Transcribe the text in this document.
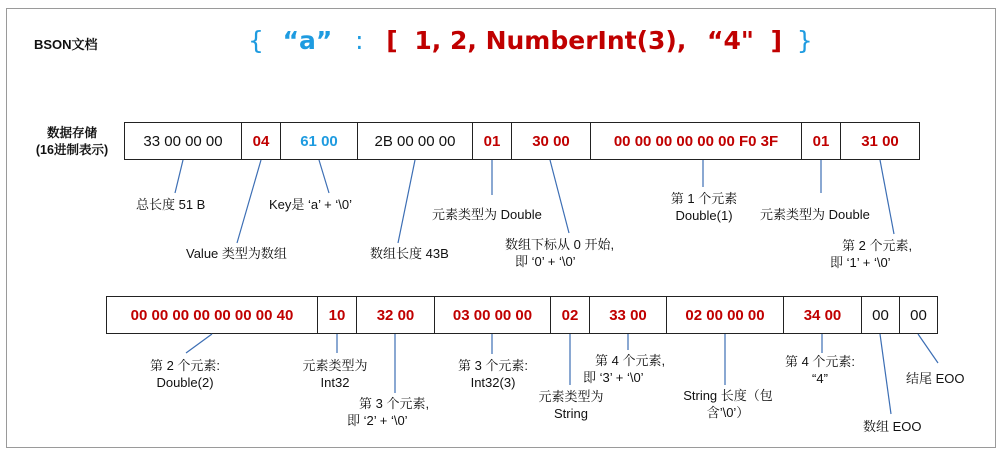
BSON文档	{ “a” : [ 1, 2, NumberInt(3), “4" ] }
数据存储
(16进制表示)
33 00 00 00	04	61 00	2B 00 00 00	01	30 00	00 00 00 00 00 00 F0 3F	01	31 00
00 00 00 00 00 00 00 40	10	32 00	03 00 00 00	02	33 00	02 00 00 00	34 00	00	00
总长度 51 B
Value 类型为数组
Key是 ‘a’ + ‘\0’
数组长度 43B
元素类型为 Double
数组下标从 0 开始,
即 ‘0’ + ‘\0’
第 1 个元素
Double(1)	元素类型为 Double
第 2 个元素,
即 ‘1’ + ‘\0’
第 2 个元素:
Double(2)
元素类型为
Int32
第 3 个元素,
即 ‘2’ + ‘\0’
第 3 个元素:
Int32(3)
元素类型为
String
第 4 个元素,
即 ‘3’ + ‘\0’
String 长度（包
含’\0’）
第 4 个元素:
“4”
数组 EOO
结尾 EOO
